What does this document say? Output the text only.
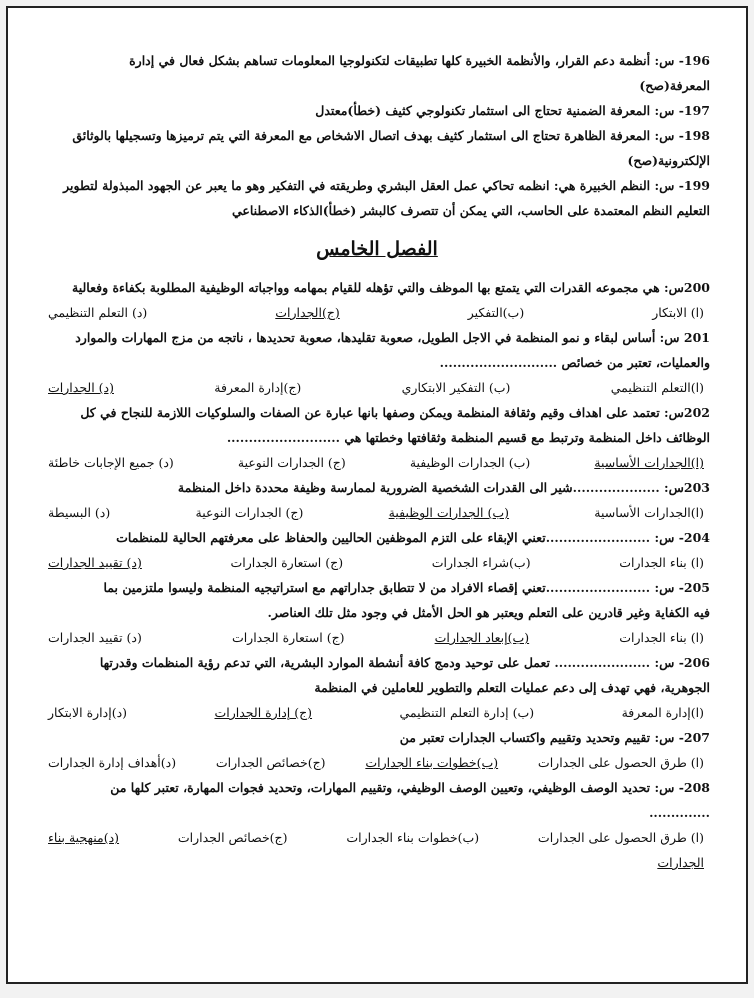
196- س: أنظمة دعم القرار، والأنظمة الخبيرة كلها تطبيقات لتكنولوجيا المعلومات تساهم بشكل فعال في إدارة
المعرفة(صح)

197- س: المعرفة الضمنية تحتاج الى استثمار تكنولوجي كثيف (خطأ)معتدل

198- س: المعرفة الظاهرة تحتاج الى استثمار كثيف بهدف اتصال الاشخاص مع المعرفة التي يتم ترميزها وتسجيلها بالوثائق
الإلكترونية(صح)

199- س: النظم الخبيرة هي: انظمه تحاكي عمل العقل البشري وطريقته في التفكير وهو ما يعبر عن الجهود المبذولة لتطوير
التعليم النظم المعتمدة على الحاسب، التي يمكن أن تتصرف كالبشر (خطأ)الذكاء الاصطناعي

الفصل الخامس

200س: هي مجموعه القدرات التي يتمتع بها الموظف والتي تؤهله للقيام بمهامه وواجباته الوظيفية المطلوبة بكفاءة وفعالية

(ا) الابتكار
(ب)التفكير
(ج)الجدارات
(د) التعلم التنظيمي

201 س: أساس لبقاء و نمو المنظمة في الاجل الطويل، صعوبة تقليدها، صعوبة تحديدها ، ناتجه من مزج المهارات والموارد
والعمليات، تعتبر من خصائص ...........................

(ا)التعلم التنظيمي
(ب) التفكير الابتكاري
(ج)إدارة المعرفة
(د) الجدارات

202س: تعتمد على اهداف وقيم وثقافة المنظمة ويمكن وصفها بانها عبارة عن الصفات والسلوكيات اللازمة للنجاح في كل
الوظائف داخل المنظمة وترتبط مع قسيم المنظمة وثقافتها وخطتها هي ..........................

(ا)الجدارات الأساسية
(ب) الجدارات الوظيفية
(ج) الجدارات النوعية
(د) جميع الإجابات خاطئة

203س: ....................شير الى القدرات الشخصية الضرورية لممارسة وظيفة محددة داخل المنظمة

(ا)الجدارات الأساسية
(ب) الجدارات الوظيفية
(ج) الجدارات النوعية
(د) البسيطة

204- س: ........................تعني الإبقاء على التزم الموظفين الحاليين والحفاظ على معرفتهم الحالية للمنظمات

(ا) بناء الجدارات
(ب)شراء الجدارات
(ج) استعارة الجدارات
(د) تقييد الجدارات

205- س: ........................تعني إقصاء الافراد من لا تتطابق جداراتهم مع استراتيجيه المنظمة وليسوا ملتزمين بما
فيه الكفاية وغير قادرين على التعلم ويعتبر هو الحل الأمثل في وجود مثل تلك العناصر.

(ا) بناء الجدارات
(ب)إبعاد الجدارات
(ج) استعارة الجدارات
(د) تقييد الجدارات

206- س: ...................... تعمل على توحيد ودمج كافة أنشطة الموارد البشرية، التي تدعم رؤية المنظمات وقدرتها
الجوهرية، فهي تهدف إلى دعم عمليات التعلم والتطوير للعاملين في المنظمة

(ا)إدارة المعرفة
(ب) إدارة التعلم التنظيمي
(ج) إدارة الجدارات
(د)إدارة الابتكار

207- س: تقييم وتحديد وتقييم واكتساب الجدارات تعتبر من

(ا) طرق الحصول على الجدارات
(ب)خطوات بناء الجدارات
(ج)خصائص الجدارات
(د)أهداف إدارة الجدارات

208- س: تحديد الوصف الوظيفي، وتعيين الوصف الوظيفي، وتقييم المهارات، وتحديد فجوات المهارة، تعتبر كلها من
..............

(ا) طرق الحصول على الجدارات
(ب)خطوات بناء الجدارات
(ج)خصائص الجدارات
(د)منهجية بناء
الجدارات
